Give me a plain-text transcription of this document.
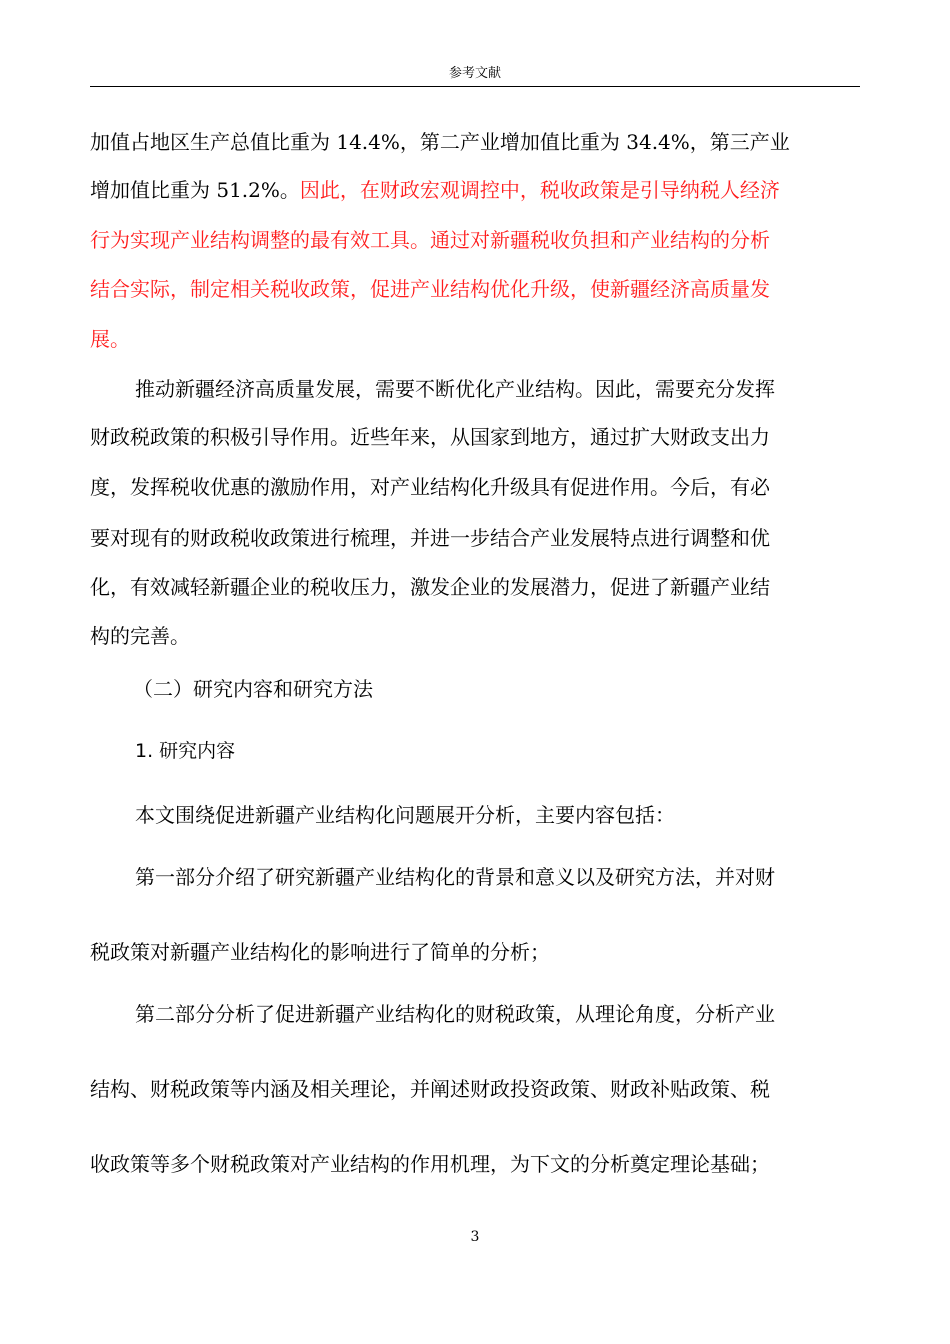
参考文献
加值占地区生产总值比重为 14.4%，第二产业增加值比重为 34.4%，第三产业
增加值比重为 51.2%。因此，在财政宏观调控中，税收政策是引导纳税人经济
行为实现产业结构调整的最有效工具。通过对新疆税收负担和产业结构的分析
结合实际，制定相关税收政策，促进产业结构优化升级，使新疆经济高质量发
展。
推动新疆经济高质量发展，需要不断优化产业结构。因此，需要充分发挥
财政税政策的积极引导作用。近些年来，从国家到地方，通过扩大财政支出力
度，发挥税收优惠的激励作用，对产业结构化升级具有促进作用。今后，有必
要对现有的财政税收政策进行梳理，并进一步结合产业发展特点进行调整和优
化，有效减轻新疆企业的税收压力，激发企业的发展潜力，促进了新疆产业结
构的完善。
（二）研究内容和研究方法
1. 研究内容
本文围绕促进新疆产业结构化问题展开分析，主要内容包括：
第一部分介绍了研究新疆产业结构化的背景和意义以及研究方法，并对财
税政策对新疆产业结构化的影响进行了简单的分析；
第二部分分析了促进新疆产业结构化的财税政策，从理论角度，分析产业
结构、财税政策等内涵及相关理论，并阐述财政投资政策、财政补贴政策、税
收政策等多个财税政策对产业结构的作用机理，为下文的分析奠定理论基础；
3
